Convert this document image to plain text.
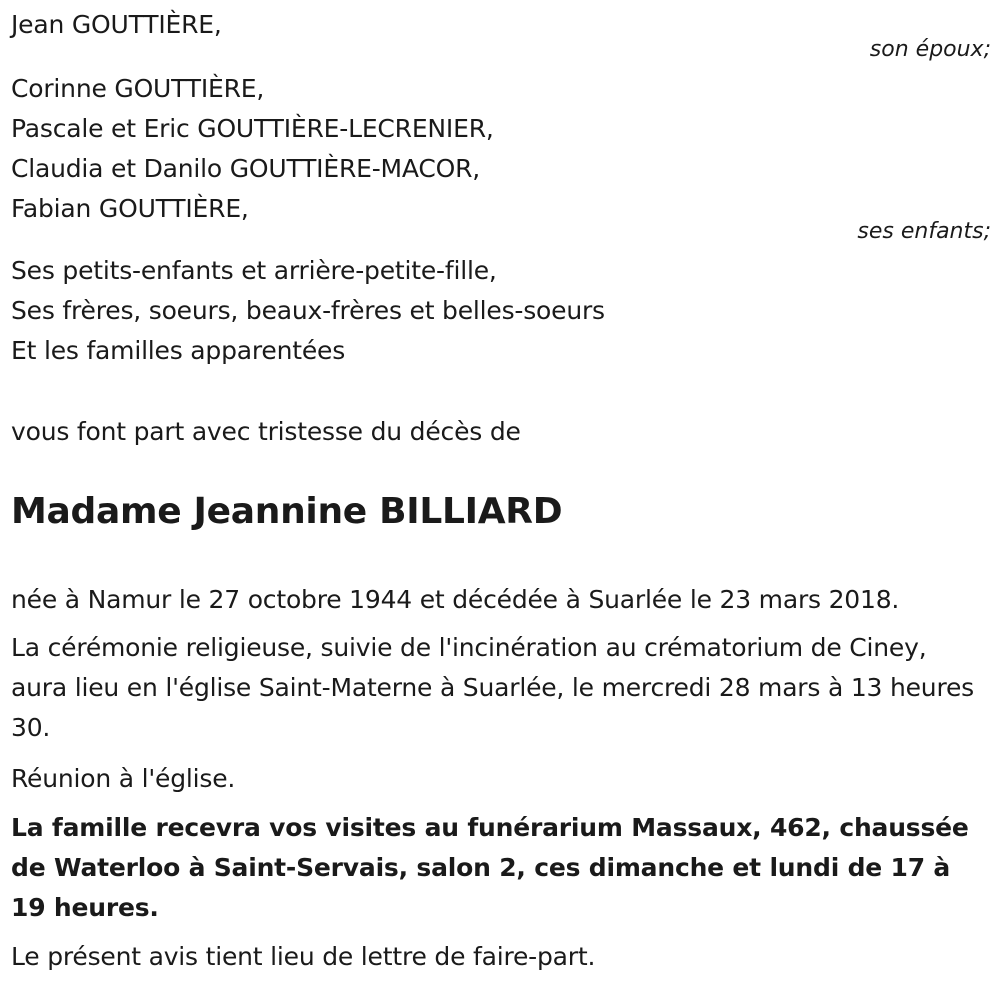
Jean GOUTTIÈRE,
son époux;
Corinne GOUTTIÈRE,
Pascale et Eric GOUTTIÈRE-LECRENIER,
Claudia et Danilo GOUTTIÈRE-MACOR,
Fabian GOUTTIÈRE,
ses enfants;
Ses petits-enfants et arrière-petite-fille,
Ses frères, soeurs, beaux-frères et belles-soeurs
Et les familles apparentées
vous font part avec tristesse du décès de
Madame Jeannine BILLIARD
née à Namur le 27 octobre 1944 et décédée à Suarlée le 23 mars 2018.
La cérémonie religieuse, suivie de l'incinération au crématorium de Ciney, aura lieu en l'église Saint-Materne à Suarlée, le mercredi 28 mars à 13 heures 30.
Réunion à l'église.
La famille recevra vos visites au funérarium Massaux, 462, chaussée de Waterloo à Saint-Servais, salon 2, ces dimanche et lundi de 17 à 19 heures.
Le présent avis tient lieu de lettre de faire-part.
